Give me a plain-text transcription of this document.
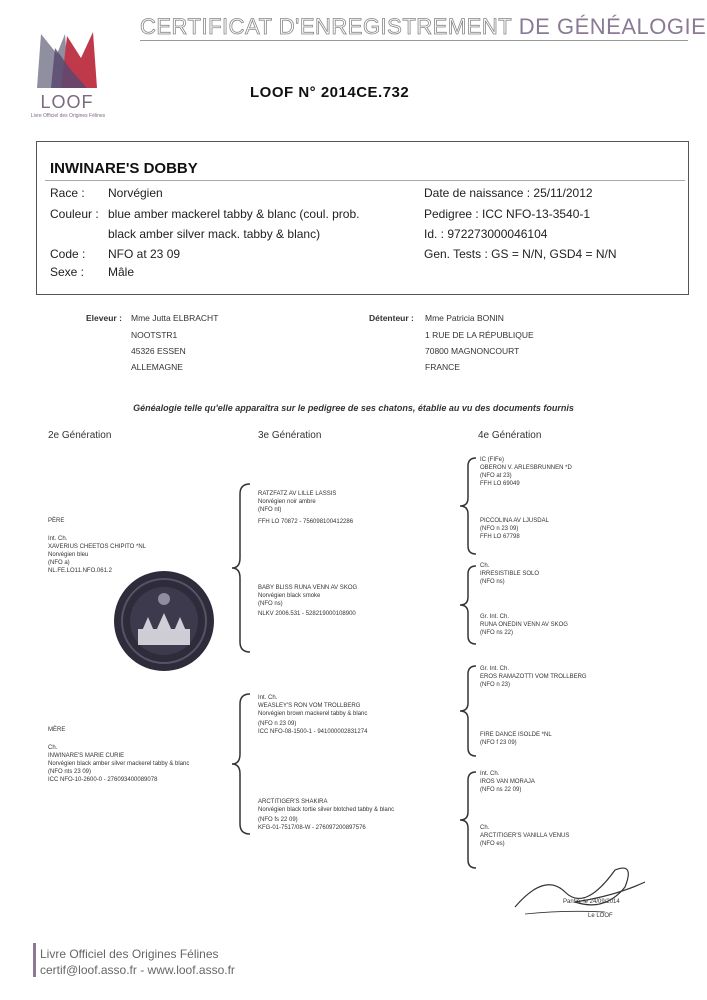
LOOF
Livre Officiel des Origines Félines
CERTIFICAT D'ENREGISTREMENT DE GÉNÉALOGIE
LOOF N° 2014CE.732
INWINARE'S DOBBY
Race : Norvégien
Couleur : blue amber mackerel tabby & blanc (coul. prob.
black amber silver mack. tabby & blanc)
Code : NFO at 23 09
Sexe : Mâle
Date de naissance : 25/11/2012
Pedigree : ICC NFO-13-3540-1
Id. : 972273000046104
Gen. Tests : GS = N/N, GSD4 = N/N
Eleveur : Mme Jutta ELBRACHT
NOOTSTR1
45326 ESSEN
ALLEMAGNE
Détenteur : Mme Patricia BONIN
1 RUE DE LA RÉPUBLIQUE
70800 MAGNONCOURT
FRANCE
Généalogie telle qu'elle apparaîtra sur le pedigree de ses chatons, établie au vu des documents fournis
2e Génération	3e Génération	4e Génération
PÈRE
Int. Ch.
XAVERIUS CHEETOS CHIPITO *NL
Norvégien bleu
(NFO a)
NL.FE.LO11.NFO.061.2
MÈRE
Ch.
INWINARE'S MARIE CURIE
Norvégien black amber silver mackerel tabby & blanc
(NFO nts 23 09)
ICC NFO-10-2600-0 - 276093400089078
RATZFATZ AV LILLE LASSIS
Norvégien noir ambre
(NFO nt)
FFH LO 70872 - 756098100412286
BABY BLISS RUNA VENN AV SKOG
Norvégien black smoke
(NFO ns)
NLKV 2006.531 - 528219000108900
Int. Ch.
WEASLEY'S RON VOM TROLLBERG
Norvégien brown mackerel tabby & blanc
(NFO n 23 09)
ICC NFO-08-1500-1 - 941000002831274
ARCTITIGER'S SHAKIRA
Norvégien black tortie silver blotched tabby & blanc
(NFO fs 22 09)
KFG-01-7517/08-W - 276097200897576
IC (FIFe)
OBERON V. ARLESBRUNNEN *D
(NFO at 23)
FFH LO 69049
PICCOLINA AV LJUSDAL
(NFO n 23 09)
FFH LO 67798
Ch.
IRRESISTIBLE SOLO
(NFO ns)
Gr. Int. Ch.
RUNA ONEDIN VENN AV SKOG
(NFO ns 22)
Gr. Int. Ch.
EROS RAMAZOTTI VOM TROLLBERG
(NFO n 23)
FIRE DANCE ISOLDE *NL
(NFO f 23 09)
Int. Ch.
IROS VAN MORAJA
(NFO ns 22 09)
Ch.
ARCTITIGER'S VANILLA VENUS
(NFO es)
Pantin, le 24/09/2014
Le LOOF
Livre Officiel des Origines Félines
certif@loof.asso.fr - www.loof.asso.fr
